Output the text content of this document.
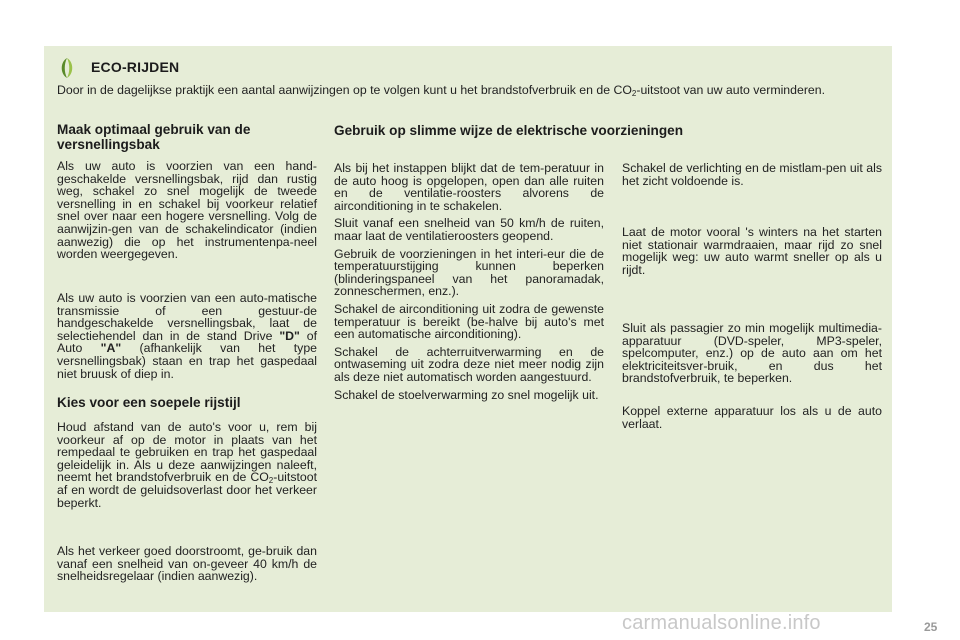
ECO-RIJDEN
Door in de dagelijkse praktijk een aantal aanwijzingen op te volgen kunt u het brandstofverbruik en de $CO_2$-uitstoot van uw auto verminderen.
Maak optimaal gebruik van de versnellingsbak

Als uw auto is voorzien van een hand-geschakelde versnellingsbak, rijd dan rustig weg, schakel zo snel mogelijk de tweede versnelling in en schakel bij voorkeur relatief snel over naar een hogere versnelling. Volg de aanwijzin-gen van de schakelindicator (indien aanwezig) die op het instrumentenpa-neel worden weergegeven.

Als uw auto is voorzien van een auto-matische transmissie of een gestuur-de handgeschakelde versnellingsbak, laat de selectiehendel dan in de stand Drive "D" of Auto "A" (afhankelijk van het type versnellingsbak) staan en trap het gaspedaal niet bruusk of diep in.

Kies voor een soepele rijstijl

Houd afstand van de auto's voor u, rem bij voorkeur af op de motor in plaats van het rempedaal te gebruiken en trap het gaspedaal geleidelijk in. Als u deze aanwijzingen naleeft, neemt het brandstofverbruik en de $CO_2$-uitstoot af en wordt de geluidsoverlast door het verkeer beperkt.

Als het verkeer goed doorstroomt, ge-bruik dan vanaf een snelheid van on-geveer 40 km/h de snelheidsregelaar (indien aanwezig).

Gebruik op slimme wijze de elektrische voorzieningen

Als bij het instappen blijkt dat de tem-peratuur in de auto hoog is opgelopen, open dan alle ruiten en de ventilatie-roosters alvorens de airconditioning in te schakelen.

Sluit vanaf een snelheid van 50 km/h de ruiten, maar laat de ventilatieroosters geopend.

Gebruik de voorzieningen in het interi-eur die de temperatuurstijging kunnen beperken (blinderingspaneel van het panoramadak, zonneschermen, enz.).

Schakel de airconditioning uit zodra de gewenste temperatuur is bereikt (be-halve bij auto's met een automatische airconditioning).

Schakel de achterruitverwarming en de ontwaseming uit zodra deze niet meer nodig zijn als deze niet automatisch worden aangestuurd.

Schakel de stoelverwarming zo snel mogelijk uit.

Schakel de verlichting en de mistlam-pen uit als het zicht voldoende is.

Laat de motor vooral 's winters na het starten niet stationair warmdraaien, maar rijd zo snel mogelijk weg: uw auto warmt sneller op als u rijdt.

Sluit als passagier zo min mogelijk multimedia-apparatuur (DVD-speler, MP3-speler, spelcomputer, enz.) op de auto aan om het elektriciteitsver-bruik, en dus het brandstofverbruik, te beperken.

Koppel externe apparatuur los als u de auto verlaat.

carmanualsonline.info	25
